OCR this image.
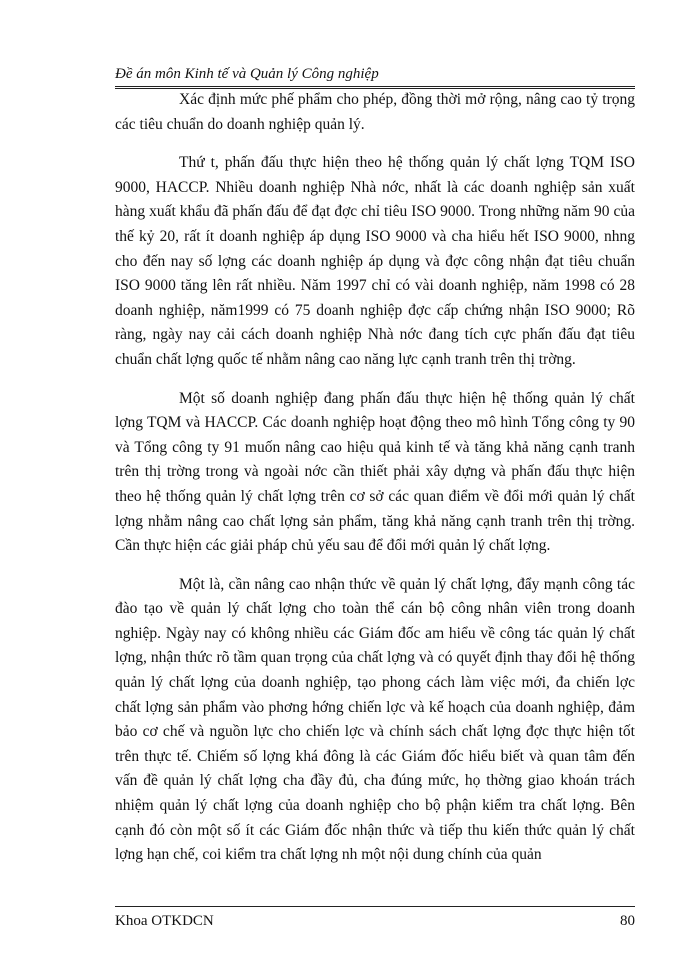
Đề án môn Kinh tế và Quản lý Công nghiệp

Xác định mức phế phẩm cho phép, đồng thời mở rộng, nâng cao tỷ trọng các tiêu chuẩn do doanh nghiệp quản lý.

Thứ t, phấn đấu thực hiện theo hệ thống quản lý chất lợng TQM ISO 9000, HACCP. Nhiều doanh nghiệp Nhà nớc, nhất là các doanh nghiệp sản xuất hàng xuất khẩu đã phấn đấu để đạt đợc chỉ tiêu ISO 9000. Trong những năm 90 của thế kỷ 20, rất ít doanh nghiệp áp dụng ISO 9000 và cha hiểu hết ISO 9000, nhng cho đến nay số lợng các doanh nghiệp áp dụng và đợc công nhận đạt tiêu chuẩn ISO 9000 tăng lên rất nhiều. Năm 1997 chỉ có vài doanh nghiệp, năm 1998 có 28 doanh nghiệp, năm1999 có 75 doanh nghiệp đợc cấp chứng nhận ISO 9000; Rõ ràng, ngày nay cải cách doanh nghiệp Nhà nớc đang tích cực phấn đấu đạt tiêu chuẩn chất lợng quốc tế nhằm nâng cao năng lực cạnh tranh trên thị trờng.

Một số doanh nghiệp đang phấn đấu thực hiện hệ thống quản lý chất lợng TQM và HACCP. Các doanh nghiệp hoạt động theo mô hình Tổng công ty 90 và Tổng công ty 91 muốn nâng cao hiệu quả kinh tế và tăng khả năng cạnh tranh trên thị trờng trong và ngoài nớc cần thiết phải xây dựng và phấn đấu thực hiện theo hệ thống quản lý chất lợng trên cơ sở các quan điểm về đổi mới quản lý chất lợng nhằm nâng cao chất lợng sản phẩm, tăng khả năng cạnh tranh trên thị trờng. Cần thực hiện các giải pháp chủ yếu sau để đổi mới quản lý chất lợng.

Một là, cần nâng cao nhận thức về quản lý chất lợng, đẩy mạnh công tác đào tạo về quản lý chất lợng cho toàn thể cán bộ công nhân viên trong doanh nghiệp. Ngày nay có không nhiều các Giám đốc am hiểu về công tác quản lý chất lợng, nhận thức rõ tầm quan trọng của chất lợng và có quyết định thay đổi hệ thống quản lý chất lợng của doanh nghiệp, tạo phong cách làm việc mới, đa chiến lợc chất lợng sản phẩm vào phơng hớng chiến lợc và kế hoạch của doanh nghiệp, đảm bảo cơ chế và nguồn lực cho chiến lợc và chính sách chất lợng đợc thực hiện tốt trên thực tế. Chiếm số lợng khá đông là các Giám đốc hiểu biết và quan tâm đến vấn đề quản lý chất lợng cha đầy đủ, cha đúng mức, họ thờng giao khoán trách nhiệm quản lý chất lợng của doanh nghiệp cho bộ phận kiểm tra chất lợng. Bên cạnh đó còn một số ít các Giám đốc nhận thức và tiếp thu kiến thức quản lý chất lợng hạn chế, coi kiểm tra chất lợng nh một nội dung chính của quản

Khoa OTKDCN	80
